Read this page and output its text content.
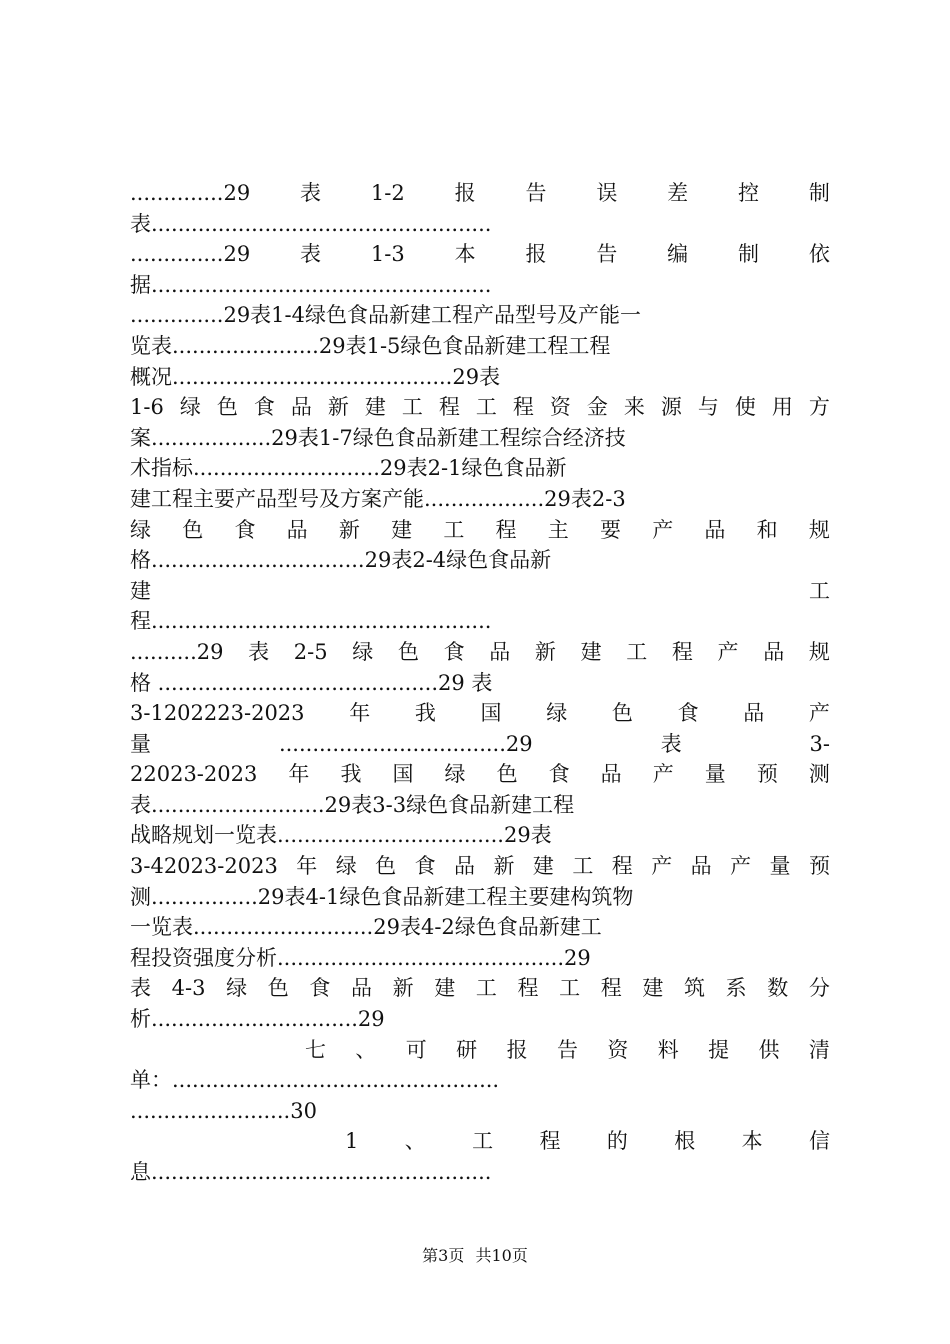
..............29 表 1-2 报 告 误 差 控 制
表...................................................
..............29 表 1-3 本 报 告 编 制 依
据...................................................
..............29表1-4绿色食品新建工程产品型号及产能一
览表......................29表1-5绿色食品新建工程工程
概况..........................................29表
1-6 绿 色 食 品 新 建 工 程 工 程 资 金 来 源 与 使 用 方
案..................29表1-7绿色食品新建工程综合经济技
术指标............................29表2-1绿色食品新
建工程主要产品型号及方案产能..................29表2-3
绿 色 食 品 新 建 工 程 主 要 产 品 和 规
格................................29表2-4绿色食品新
建	工
程...................................................
..........29 表 2-5 绿 色 食 品 新 建 工 程 产 品 规
格 ..........................................29 表
3-1202223-2023 年 我 国 绿 色 食 品 产
量	..................................29	表	3-
22023-2023 年 我 国 绿 色 食 品 产 量 预 测
表..........................29表3-3绿色食品新建工程
战略规划一览表..................................29表
3-42023-2023 年 绿 色 食 品 新 建 工 程 产 品 产 量 预
测................29表4-1绿色食品新建工程主要建构筑物
一览表...........................29表4-2绿色食品新建工
程投资强度分析...........................................29
表 4-3 绿 色 食 品 新 建 工 程 工 程 建 筑 系 数 分
析...............................29
七 、 可 研 报 告 资 料 提 供 清
单：.................................................
........................30
1 、 工 程 的 根 本 信
息...................................................
第3页 共10页
